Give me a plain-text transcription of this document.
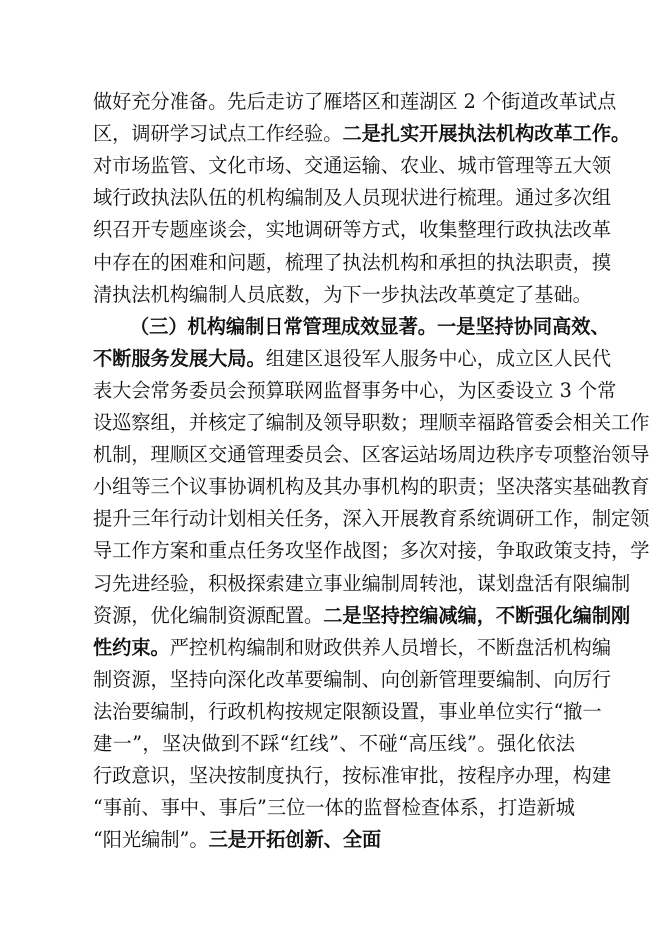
做好充分准备。先后走访了雁塔区和莲湖区 2 个街道改革试点
区，调研学习试点工作经验。二是扎实开展执法机构改革工作。
对市场监管、文化市场、交通运输、农业、城市管理等五大领
域行政执法队伍的机构编制及人员现状进行梳理。通过多次组
织召开专题座谈会，实地调研等方式，收集整理行政执法改革
中存在的困难和问题，梳理了执法机构和承担的执法职责，摸
清执法机构编制人员底数，为下一步执法改革奠定了基础。
（三）机构编制日常管理成效显著。一是坚持协同高效、
不断服务发展大局。组建区退役军人服务中心，成立区人民代
表大会常务委员会预算联网监督事务中心，为区委设立 3 个常
设巡察组，并核定了编制及领导职数；理顺幸福路管委会相关工作
机制，理顺区交通管理委员会、区客运站场周边秩序专项整治领导
小组等三个议事协调机构及其办事机构的职责；坚决落实基础教育
提升三年行动计划相关任务，深入开展教育系统调研工作，制定领
导工作方案和重点任务攻坚作战图；多次对接，争取政策支持，学
习先进经验，积极探索建立事业编制周转池，谋划盘活有限编制
资源，优化编制资源配置。二是坚持控编减编，不断强化编制刚
性约束。严控机构编制和财政供养人员增长，不断盘活机构编
制资源，坚持向深化改革要编制、向创新管理要编制、向厉行
法治要编制，行政机构按规定限额设置，事业单位实行“撤一
建一”，坚决做到不踩“红线”、不碰“高压线”。强化依法
行政意识，坚决按制度执行，按标准审批，按程序办理，构建
“事前、事中、事后”三位一体的监督检查体系，打造新城
“阳光编制”。三是开拓创新、全面
